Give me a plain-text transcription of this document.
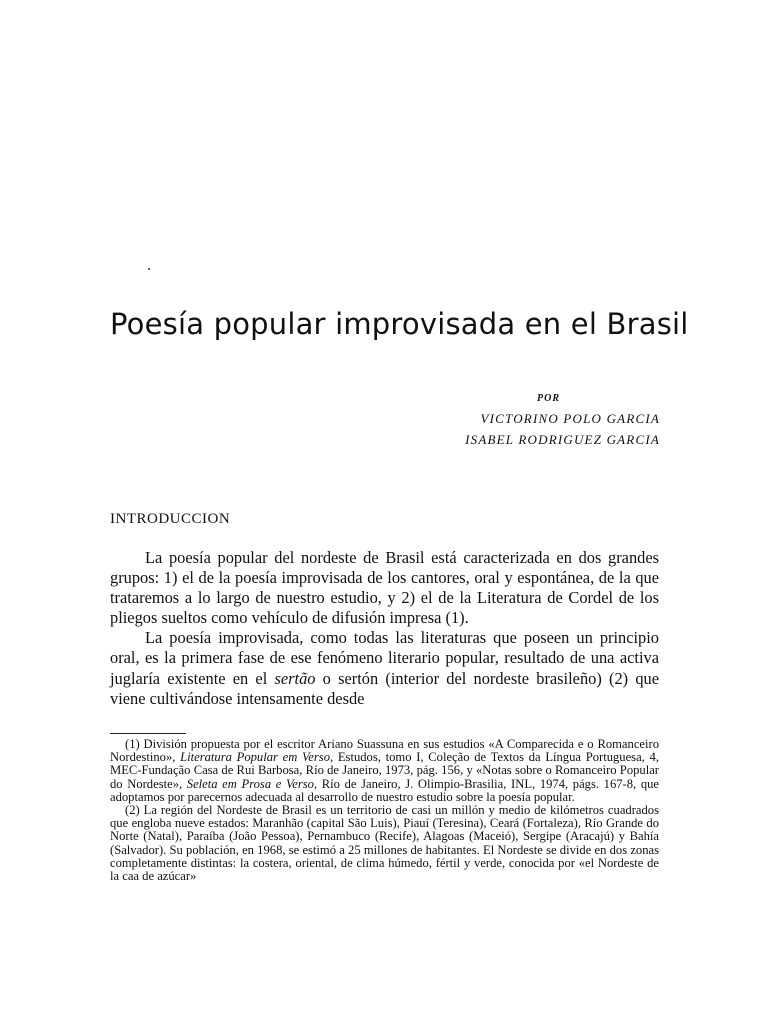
Poesía popular improvisada en el Brasil
POR
VICTORINO POLO GARCIA
ISABEL RODRIGUEZ GARCIA
INTRODUCCION

La poesía popular del nordeste de Brasil está caracterizada en dos grandes grupos: 1) el de la poesía improvisada de los cantores, oral y espontánea, de la que trataremos a lo largo de nuestro estudio, y 2) el de la Literatura de Cordel de los pliegos sueltos como vehículo de difusión impresa (1).

La poesía improvisada, como todas las literaturas que poseen un principio oral, es la primera fase de ese fenómeno literario popular, resultado de una activa juglaría existente en el sertão o sertón (interior del nordeste brasileño) (2) que viene cultivándose intensamente desde

(1) División propuesta por el escritor Ariano Suassuna en sus estudios «A Comparecida e o Romanceiro Nordestino», Literatura Popular em Verso, Estudos, tomo I, Coleção de Textos da Língua Portuguesa, 4, MEC-Fundação Casa de Rui Barbosa, Río de Janeiro, 1973, pág. 156, y «Notas sobre o Romanceiro Popular do Nordeste», Seleta em Prosa e Verso, Río de Janeiro, J. Olimpio-Brasilia, INL, 1974, págs. 167-8, que adoptamos por parecernos adecuada al desarrollo de nuestro estudio sobre la poesía popular.

(2) La región del Nordeste de Brasil es un territorio de casi un millón y medio de kilómetros cuadrados que engloba nueve estados: Maranhão (capital São Luis), Piauí (Teresina), Ceará (Fortaleza), Río Grande do Norte (Natal), Paraíba (João Pessoa), Pernambuco (Recife), Alagoas (Maceió), Sergipe (Aracajú) y Bahía (Salvador). Su población, en 1968, se estimó a 25 millones de habitantes. El Nordeste se divide en dos zonas completamente distintas: la costera, oriental, de clima húmedo, fértil y verde, conocida por «el Nordeste de la caa de azúcar»
